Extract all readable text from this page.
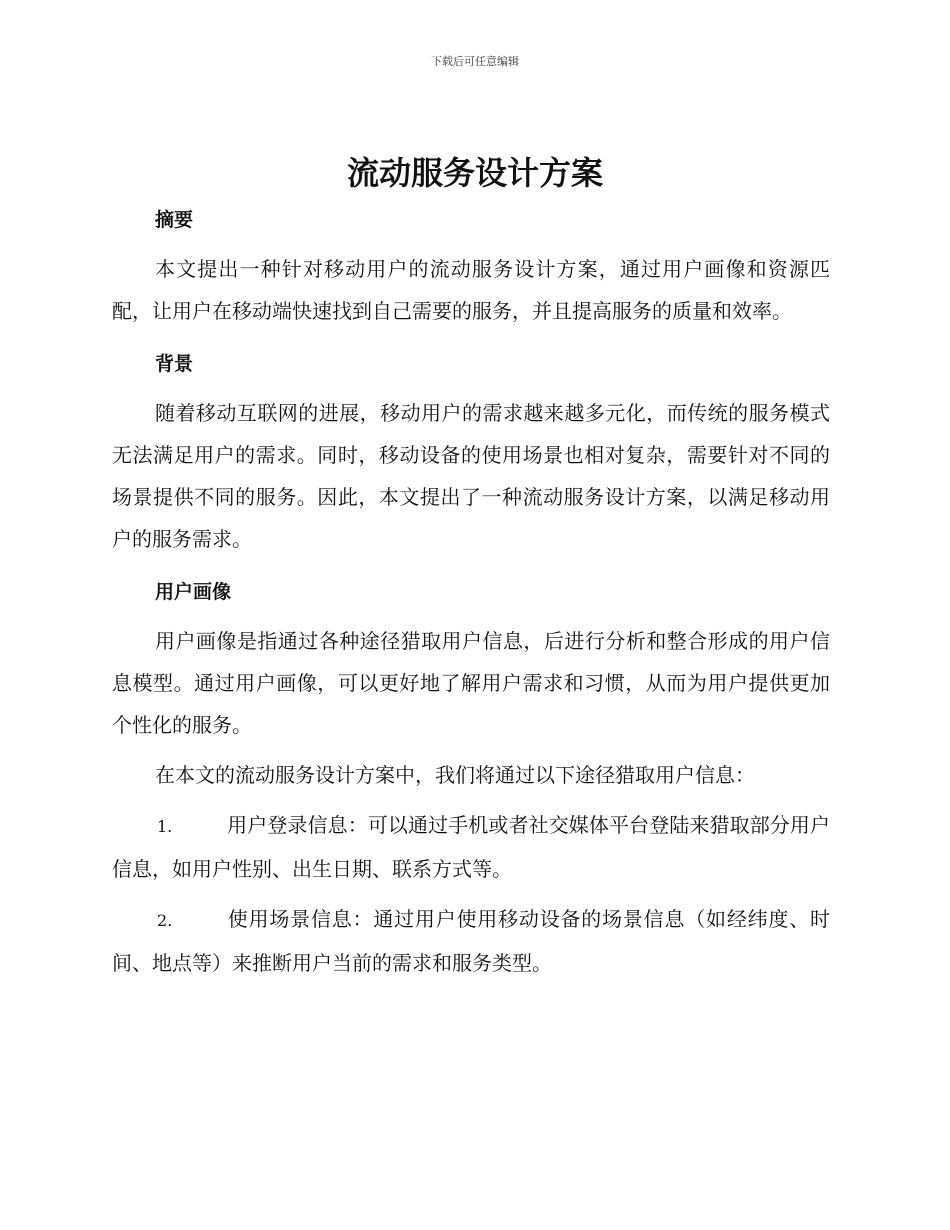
下载后可任意编辑
流动服务设计方案

摘要

本文提出一种针对移动用户的流动服务设计方案，通过用户画像和资源匹配，让用户在移动端快速找到自己需要的服务，并且提高服务的质量和效率。

背景

随着移动互联网的进展，移动用户的需求越来越多元化，而传统的服务模式无法满足用户的需求。同时，移动设备的使用场景也相对复杂，需要针对不同的场景提供不同的服务。因此，本文提出了一种流动服务设计方案，以满足移动用户的服务需求。

用户画像

用户画像是指通过各种途径猎取用户信息，后进行分析和整合形成的用户信息模型。通过用户画像，可以更好地了解用户需求和习惯，从而为用户提供更加个性化的服务。

在本文的流动服务设计方案中，我们将通过以下途径猎取用户信息：

1.	用户登录信息：可以通过手机或者社交媒体平台登陆来猎取部分用户信息，如用户性别、出生日期、联系方式等。

2.	使用场景信息：通过用户使用移动设备的场景信息（如经纬度、时间、地点等）来推断用户当前的需求和服务类型。
